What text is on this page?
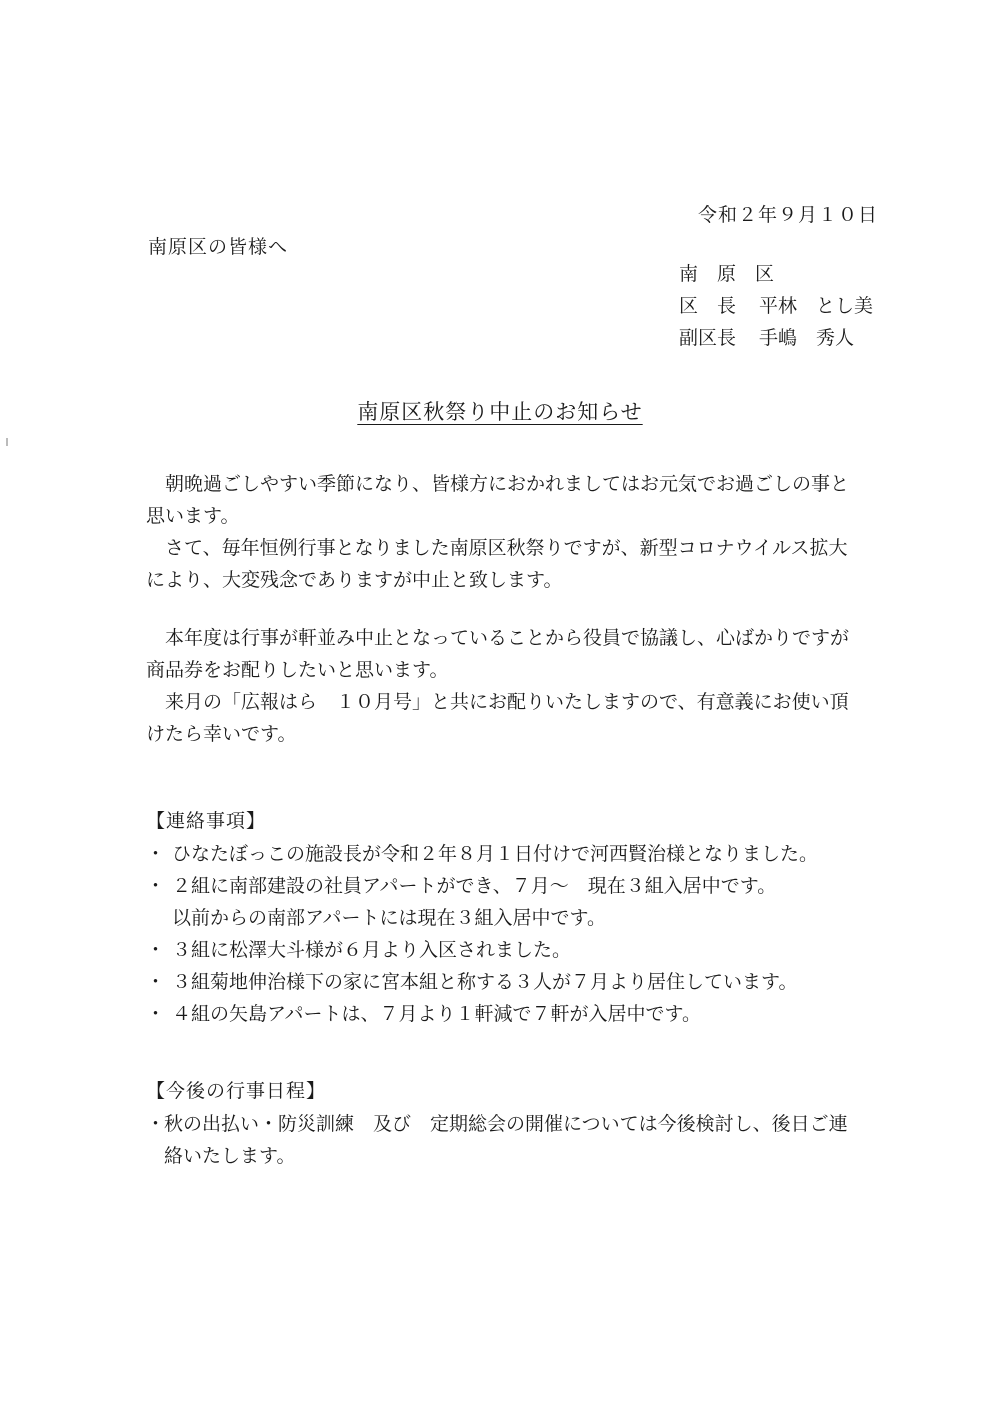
令和２年９月１０日
南原区の皆様へ
南　原　区
区　長 平林　とし美
副区長 手嶋　秀人
南原区秋祭り中止のお知らせ
　朝晩過ごしやすい季節になり、皆様方におかれましてはお元気でお過ごしの事と
思います。
　さて、毎年恒例行事となりました南原区秋祭りですが、新型コロナウイルス拡大
により、大変残念でありますが中止と致します。
　本年度は行事が軒並み中止となっていることから役員で協議し、心ばかりですが
商品券をお配りしたいと思います。
　来月の「広報はら　１０月号」と共にお配りいたしますので、有意義にお使い頂
けたら幸いです。
【連絡事項】
・ ひなたぼっこの施設長が令和２年８月１日付けで河西賢治様となりました。
・ ２組に南部建設の社員アパートができ、７月～　現在３組入居中です。
以前からの南部アパートには現在３組入居中です。
・ ３組に松澤大斗様が６月より入区されました。
・ ３組菊地伸治様下の家に宮本組と称する３人が７月より居住しています。
・ ４組の矢島アパートは、７月より１軒減で７軒が入居中です。
【今後の行事日程】
・秋の出払い・防災訓練　及び　定期総会の開催については今後検討し、後日ご連
絡いたします。
